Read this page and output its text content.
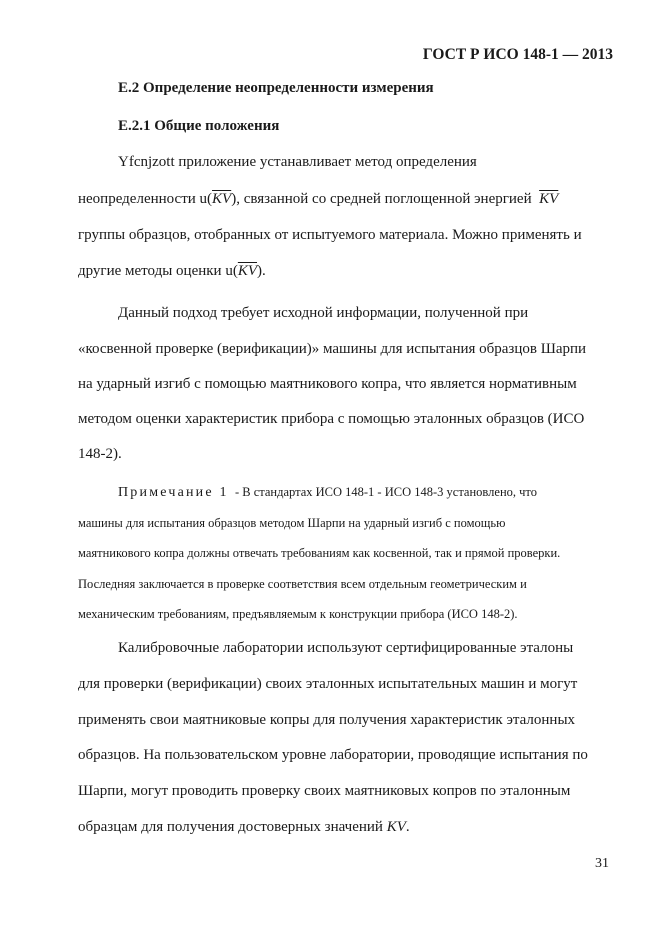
ГОСТ Р ИСО 148-1 — 2013
Е.2 Определение неопределенности измерения
Е.2.1 Общие положения
Yfcnjzott приложение устанавливает метод определения
неопределенности $u(\overline{KV})$, связанной со средней поглощенной энергией $\overline{KV}$
группы образцов, отобранных от испытуемого материала. Можно применять и
другие методы оценки $u(\overline{KV})$.
Данный подход требует исходной информации, полученной при
«косвенной проверке (верификации)» машины для испытания образцов Шарпи
на ударный изгиб с помощью маятникового копра, что является нормативным
методом оценки характеристик прибора с помощью эталонных образцов (ИСО
148-2).
Примечание 1 - В стандартах ИСО 148-1 - ИСО 148-3 установлено, что
машины для испытания образцов методом Шарпи на ударный изгиб с помощью
маятникового копра должны отвечать требованиям как косвенной, так и прямой проверки.
Последняя заключается в проверке соответствия всем отдельным геометрическим и
механическим требованиям, предъявляемым к конструкции прибора (ИСО 148-2).
Калибровочные лаборатории используют сертифицированные эталоны
для проверки (верификации) своих эталонных испытательных машин и могут
применять свои маятниковые копры для получения характеристик эталонных
образцов. На пользовательском уровне лаборатории, проводящие испытания по
Шарпи, могут проводить проверку своих маятниковых копров по эталонным
образцам для получения достоверных значений KV.
31
